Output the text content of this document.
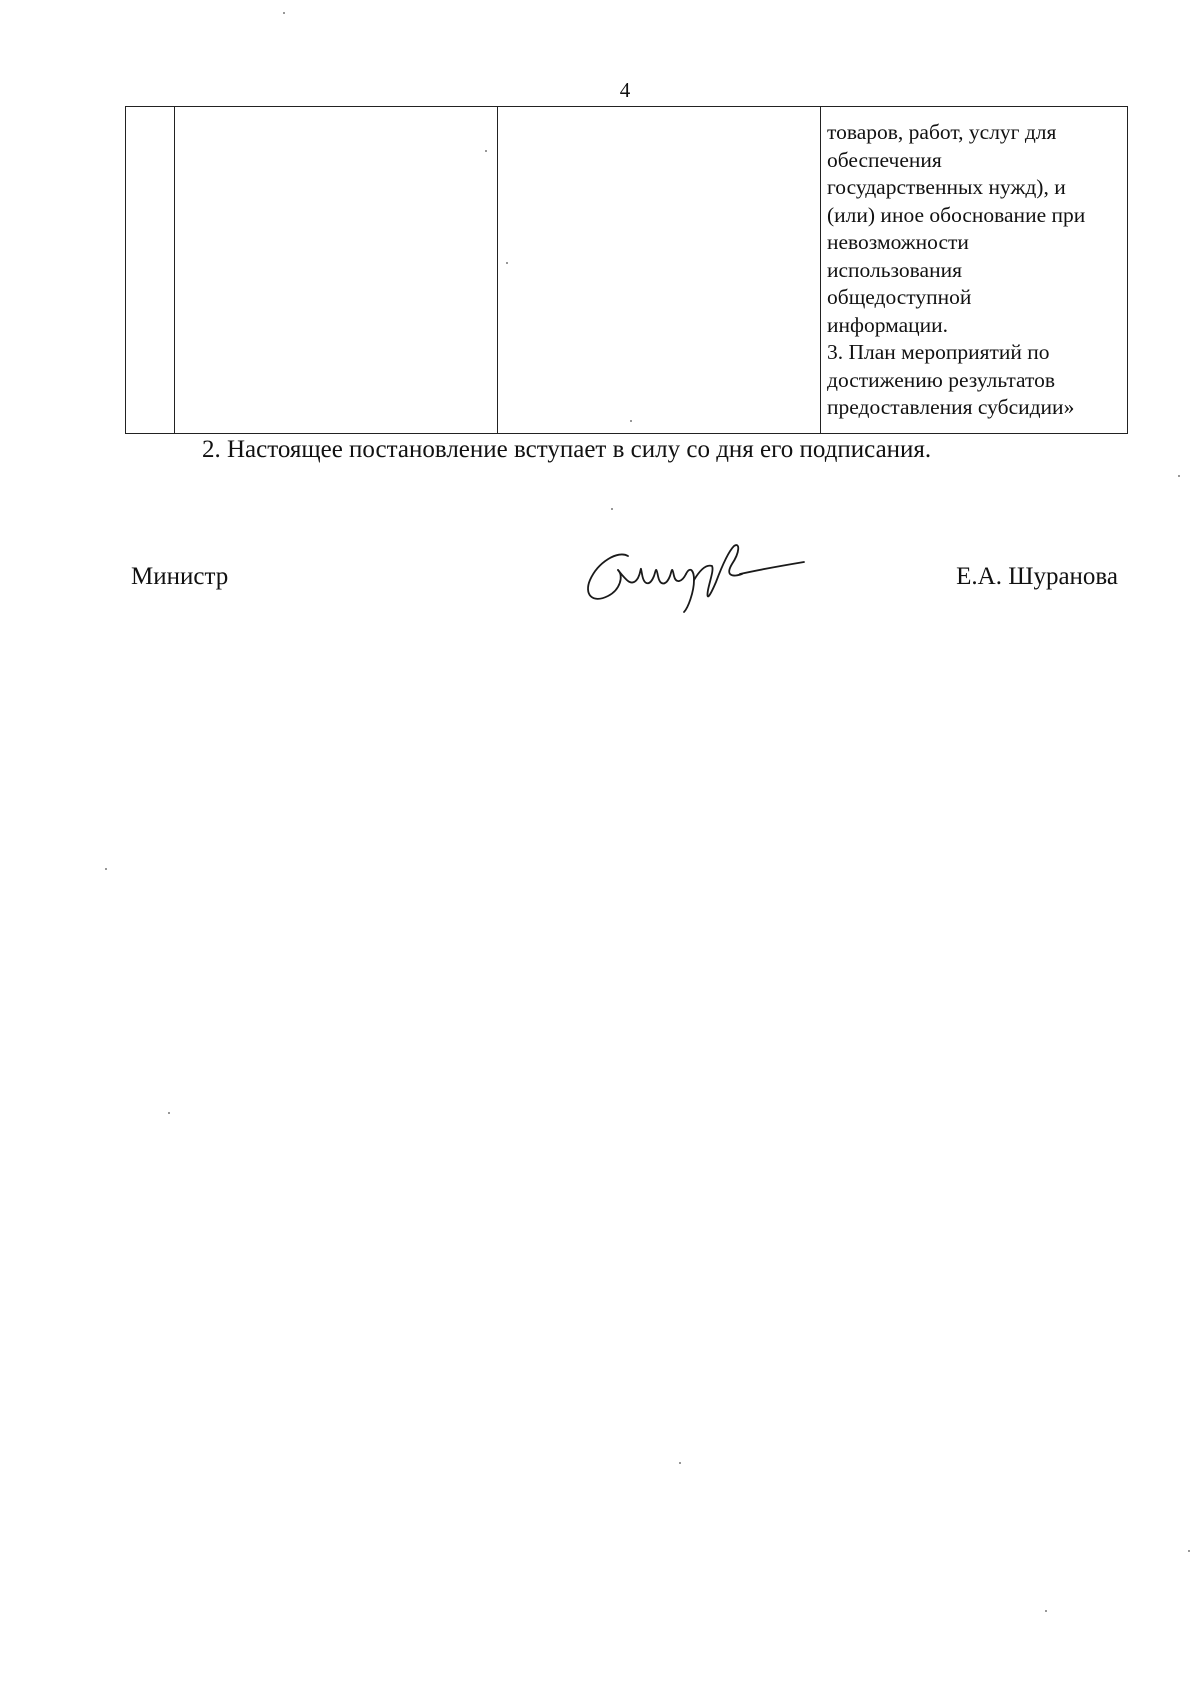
4

товаров, работ, услуг для
обеспечения
государственных нужд), и
(или) иное обоснование при
невозможности
использования
общедоступной
информации.
3. План мероприятий по
достижению результатов
предоставления субсидии»
2. Настоящее постановление вступает в силу со дня его подписания.
Министр	Е.А. Шуранова
